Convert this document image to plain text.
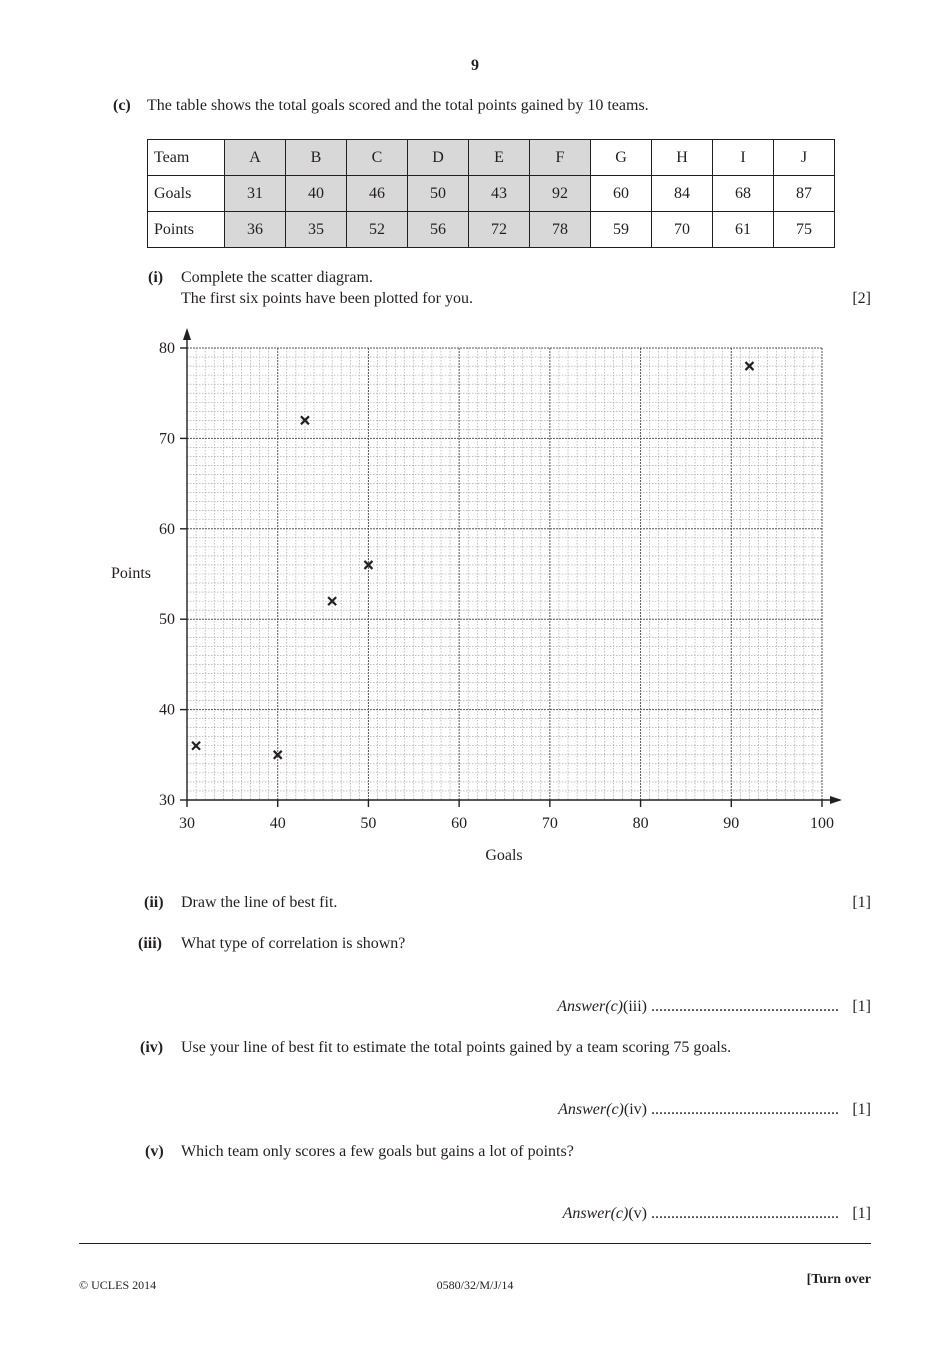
9
(c) The table shows the total goals scored and the total points gained by 10 teams.
Team	A	B	C	D	E	F	G	H	I	J
Goals	31	40	46	50	43	92	60	84	68	87
Points	36	35	52	56	72	78	59	70	61	75
(i) Complete the scatter diagram.
The first six points have been plotted for you.	[2]
30	40	50	60	70	80	90	100
30
40
50
60
70
80
Goals
Points
(ii) Draw the line of best fit.	[1]
(iii) What type of correlation is shown?
Answer(c)(iii) ............................................... [1]
(iv) Use your line of best fit to estimate the total points gained by a team scoring 75 goals.
Answer(c)(iv) ............................................... [1]
(v) Which team only scores a few goals but gains a lot of points?
Answer(c)(v) ............................................... [1]
© UCLES 2014	0580/32/M/J/14	[Turn over
